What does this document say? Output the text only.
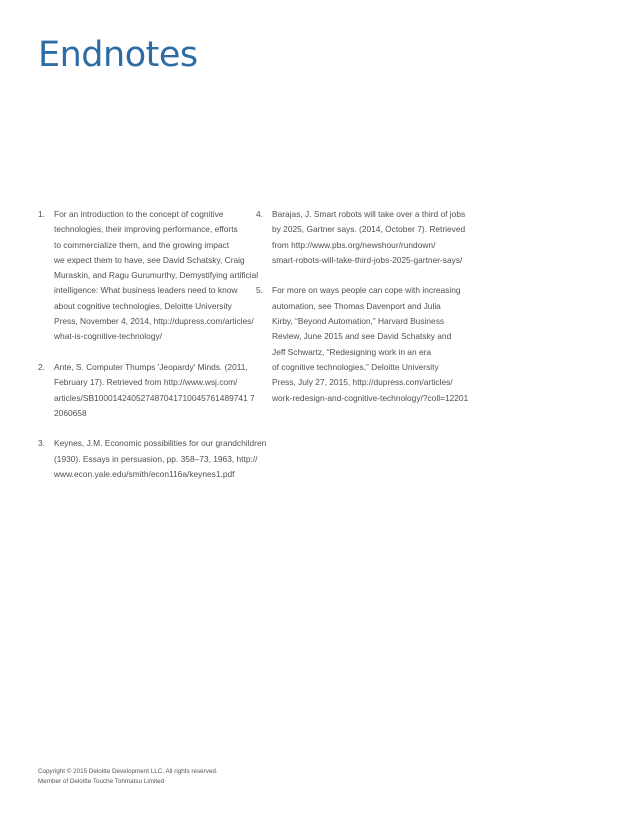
Endnotes
1. For an introduction to the concept of cognitive
technologies, their improving performance, efforts
to commercialize them, and the growing impact
we expect them to have, see David Schatsky, Craig
Muraskin, and Ragu Gurumurthy, Demystifying artificial
intelligence: What business leaders need to know
about cognitive technologies, Deloitte University
Press, November 4, 2014, http://dupress.com/articles/
what-is-cognitive-technology/
2. Ante, S. Computer Thumps 'Jeopardy' Minds. (2011,
February 17). Retrieved from http://www.wsj.com/
articles/SB100014240527487041710045761489741 7
2060658
3. Keynes, J.M. Economic possibilities for our grandchildren
(1930). Essays in persuasion, pp. 358–73, 1963, http://
www.econ.yale.edu/smith/econ116a/keynes1.pdf
4. Barajas, J. Smart robots will take over a third of jobs
by 2025, Gartner says. (2014, October 7). Retrieved
from http://www.pbs.org/newshour/rundown/
smart-robots-will-take-third-jobs-2025-gartner-says/
5. For more on ways people can cope with increasing
automation, see Thomas Davenport and Julia
Kirby, “Beyond Automation,” Harvard Business
Review, June 2015 and see David Schatsky and
Jeff Schwartz, “Redesigning work in an era
of cognitive technologies,” Deloitte University
Press, July 27, 2015, http://dupress.com/articles/
work-redesign-and-cognitive-technology/?coll=12201
Copyright © 2015 Deloitte Development LLC. All rights reserved.
Member of Deloitte Touche Tohmatsu Limited
